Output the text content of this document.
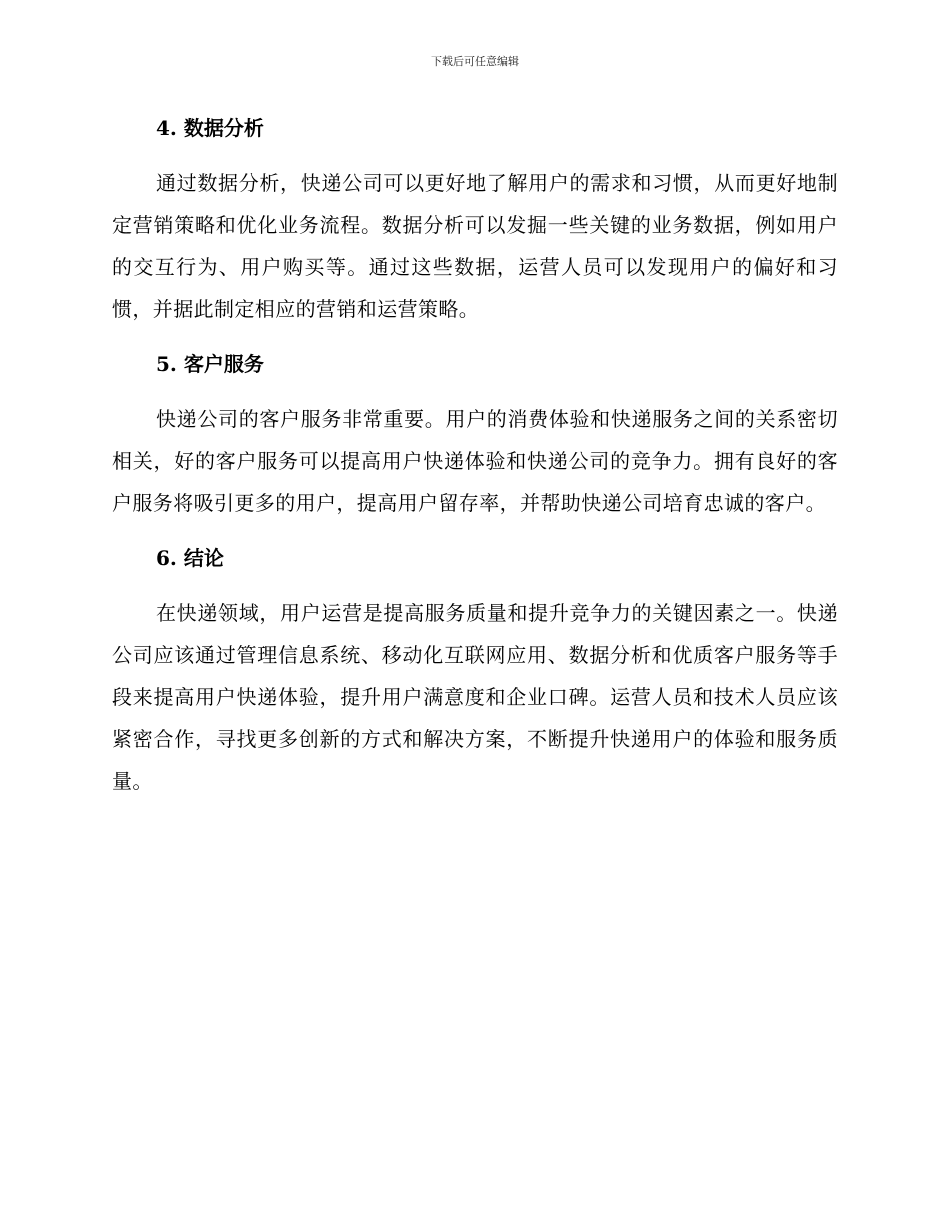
下载后可任意编辑
4. 数据分析

通过数据分析，快递公司可以更好地了解用户的需求和习惯，从而更好地制定营销策略和优化业务流程。数据分析可以发掘一些关键的业务数据，例如用户的交互行为、用户购买等。通过这些数据，运营人员可以发现用户的偏好和习惯，并据此制定相应的营销和运营策略。

5. 客户服务

快递公司的客户服务非常重要。用户的消费体验和快递服务之间的关系密切相关，好的客户服务可以提高用户快递体验和快递公司的竞争力。拥有良好的客户服务将吸引更多的用户，提高用户留存率，并帮助快递公司培育忠诚的客户。

6. 结论

在快递领域，用户运营是提高服务质量和提升竞争力的关键因素之一。快递公司应该通过管理信息系统、移动化互联网应用、数据分析和优质客户服务等手段来提高用户快递体验，提升用户满意度和企业口碑。运营人员和技术人员应该紧密合作，寻找更多创新的方式和解决方案，不断提升快递用户的体验和服务质量。
